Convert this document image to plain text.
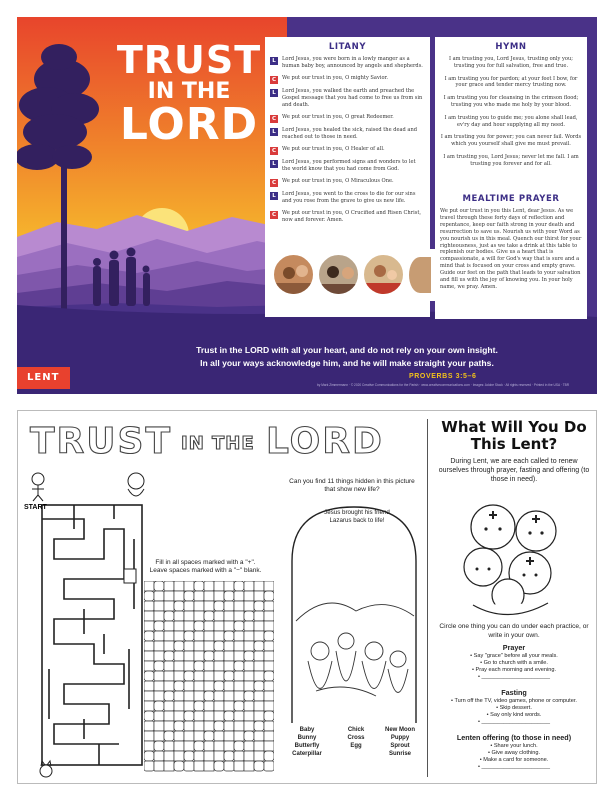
TRUST
IN THE
LORD
LITANY
L	Lord Jesus, you were born in a lowly manger as a human baby boy, announced by angels and shepherds.
C	We put our trust in you, O mighty Savior.
L	Lord Jesus, you walked the earth and preached the Gospel message that you had come to free us from sin and death.
C	We put our trust in you, O great Redeemer.
L	Lord Jesus, you healed the sick, raised the dead and reached out to those in need.
C	We put our trust in you, O Healer of all.
L	Lord Jesus, you performed signs and wonders to let the world know that you had come from God.
C	We put our trust in you, O Miraculous One.
L	Lord Jesus, you went to the cross to die for our sins and you rose from the grave to give us new life.
C	We put our trust in you, O Crucified and Risen Christ, now and forever. Amen.
HYMN
I am trusting you, Lord Jesus, trusting only you; trusting you for full salvation, free and true.
I am trusting you for pardon; at your feet I bow, for your grace and tender mercy trusting now.
I am trusting you for cleansing in the crimson flood; trusting you who made me holy by your blood.
I am trusting you to guide me; you alone shall lead, ev'ry day and hour supplying all my need.
I am trusting you for power; you can never fail. Words which you yourself shall give me must prevail.
I am trusting you, Lord Jesus; never let me fall. I am trusting you forever and for all.
MEALTIME PRAYER
We put our trust in you this Lent, dear Jesus. As we travel through these forty days of reflection and repentance, keep our faith strong in your death and resurrection to save us. Nourish us with your Word as you nourish us in this meal. Quench our thirst for your righteousness, just as we take a drink at this table to replenish our bodies. Give us a heart that is compassionate, a will for God's way that is sure and a mind that is focused on your cross and empty grave. Guide our feet on the path that leads to your salvation and fill us with the joy of knowing you. In your holy name, we pray. Amen.
Trust in the LORD with all your heart, and do not rely on your own insight.
In all your ways acknowledge him, and he will make straight your paths.
PROVERBS 3:5–6
LENT
by Mark Zimmermann · © 2020 Creative Communications for the Parish · www.creativecommunications.com · Images: Adobe Stock · All rights reserved · Printed in the USA · TBR
TRUST IN THE LORD
START
Fill in all spaces marked with a "+".
Leave spaces marked with a "−" blank.
Can you find 11 things hidden in this picture that show new life?
Jesus brought his friend Lazarus back to life!
Baby
Bunny
Butterfly
Caterpillar
Chick
Cross
Egg
New Moon
Puppy
Sprout
Sunrise
What Will You Do This Lent?
During Lent, we are each called to renew ourselves through prayer, fasting and offering (to those in need).
Circle one thing you can do under each practice, or write in your own.
Prayer
• Say "grace" before all your meals.
• Go to church with a smile.
• Pray each morning and evening.
• ______________________
Fasting
• Turn off the TV, video games, phone or computer.
• Skip dessert.
• Say only kind words.
• ______________________
Lenten offering (to those in need)
• Share your lunch.
• Give away clothing.
• Make a card for someone.
• ______________________
